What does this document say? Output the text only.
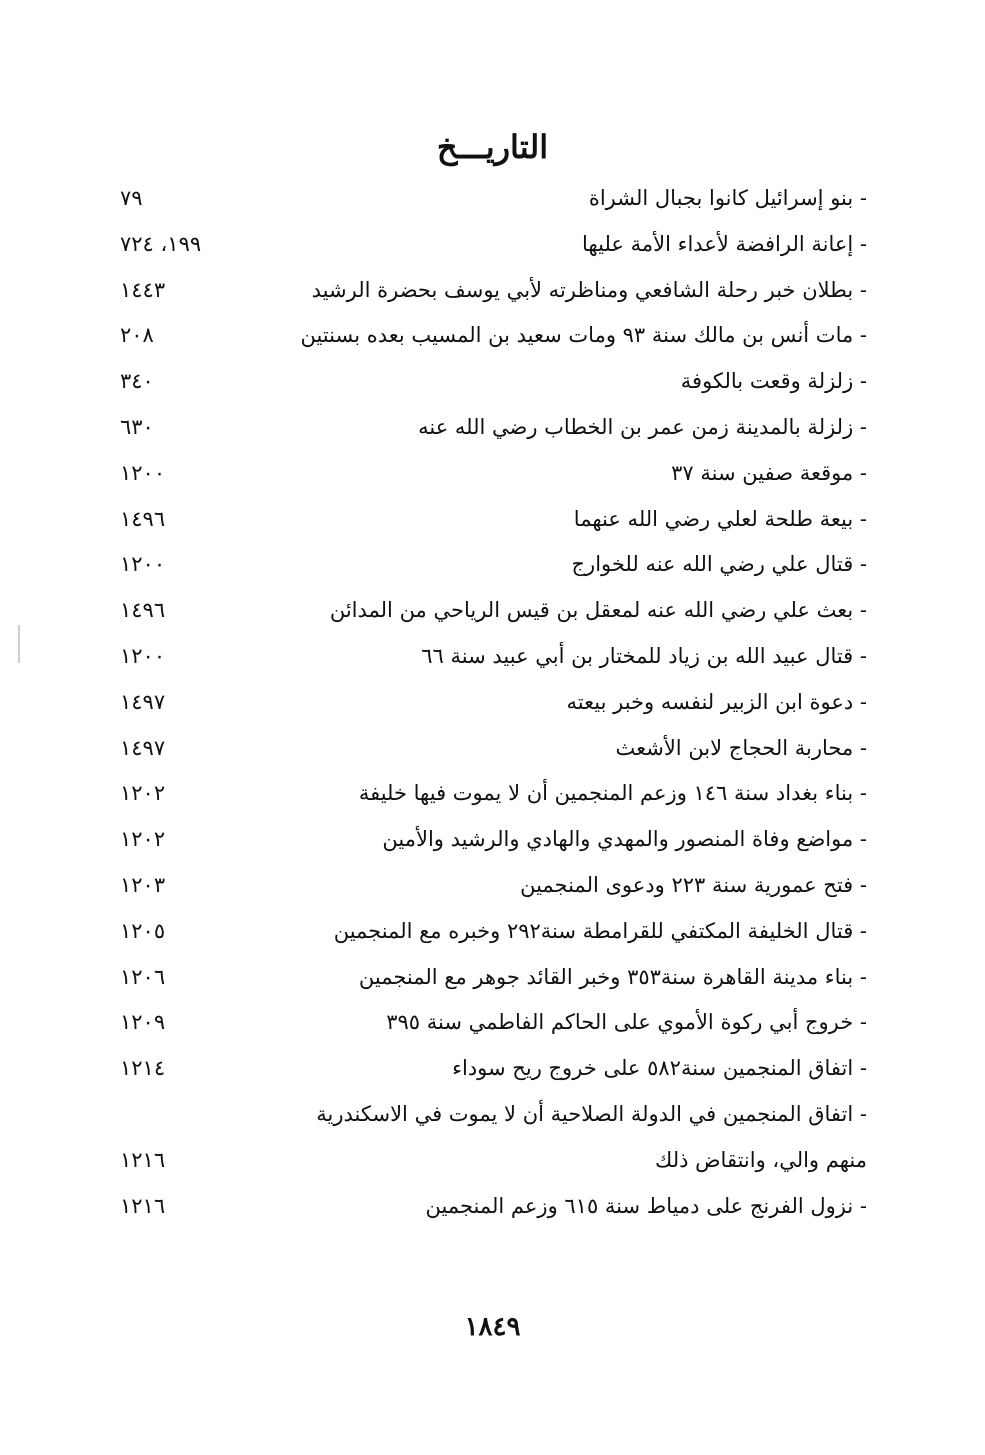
التاريـــخ
- بنو إسرائيل كانوا بجبال الشراة
٧٩
- إعانة الرافضة لأعداء الأمة عليها
١٩٩، ٧٢٤
- بطلان خبر رحلة الشافعي ومناظرته لأبي يوسف بحضرة الرشيد
١٤٤٣
- مات أنس بن مالك سنة ٩٣ ومات سعيد بن المسيب بعده بسنتين
٢٠٨
- زلزلة وقعت بالكوفة
٣٤٠
- زلزلة بالمدينة زمن عمر بن الخطاب رضي الله عنه
٦٣٠
- موقعة صفين سنة ٣٧
١٢٠٠
- بيعة طلحة لعلي رضي الله عنهما
١٤٩٦
- قتال علي رضي الله عنه للخوارج
١٢٠٠
- بعث علي رضي الله عنه لمعقل بن قيس الرياحي من المدائن
١٤٩٦
- قتال عبيد الله بن زياد للمختار بن أبي عبيد سنة ٦٦
١٢٠٠
- دعوة ابن الزبير لنفسه وخبر بيعته
١٤٩٧
- محاربة الحجاج لابن الأشعث
١٤٩٧
- بناء بغداد سنة ١٤٦ وزعم المنجمين أن لا يموت فيها خليفة
١٢٠٢
- مواضع وفاة المنصور والمهدي والهادي والرشيد والأمين
١٢٠٢
- فتح عمورية سنة ٢٢٣ ودعوى المنجمين
١٢٠٣
- قتال الخليفة المكتفي للقرامطة سنة٢٩٢ وخبره مع المنجمين
١٢٠٥
- بناء مدينة القاهرة سنة٣٥٣ وخبر القائد جوهر مع المنجمين
١٢٠٦
- خروج أبي ركوة الأموي على الحاكم الفاطمي سنة ٣٩٥
١٢٠٩
- اتفاق المنجمين سنة٥٨٢ على خروج ريح سوداء
١٢١٤
- اتفاق المنجمين في الدولة الصلاحية أن لا يموت في الاسكندرية
منهم والي، وانتقاض ذلك
١٢١٦
- نزول الفرنج على دمياط سنة ٦١٥ وزعم المنجمين
١٢١٦
١٨٤٩
